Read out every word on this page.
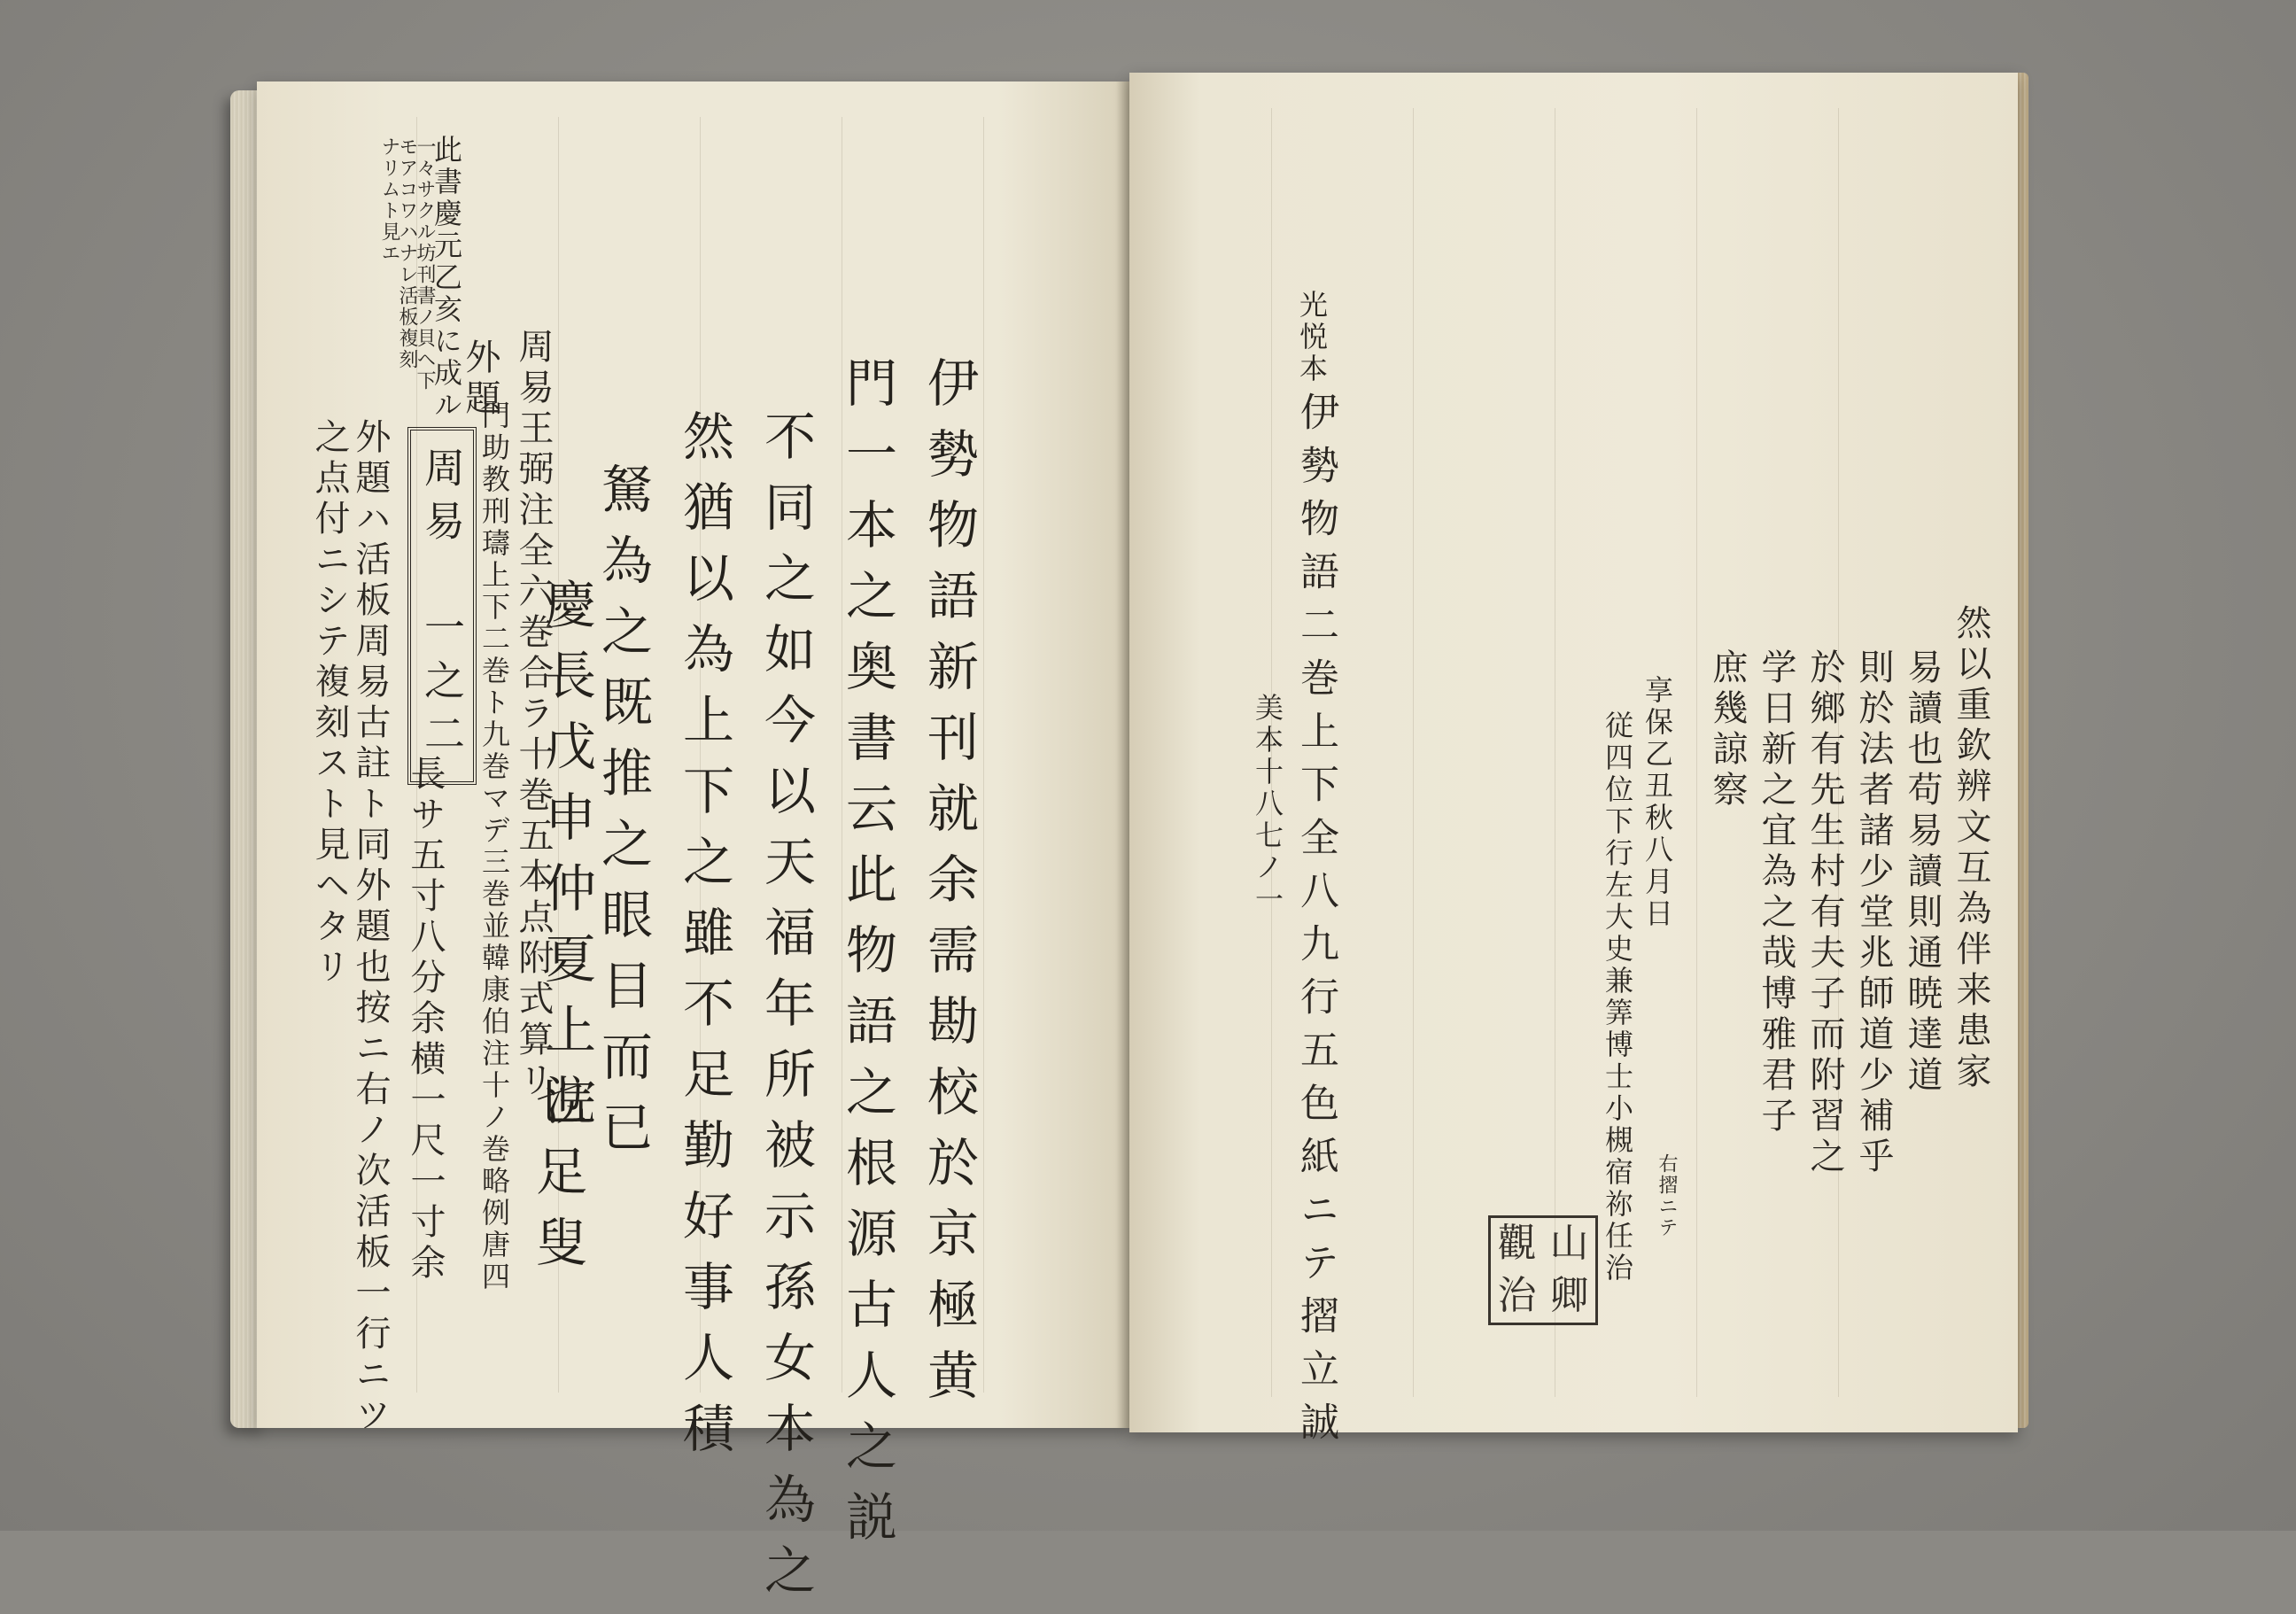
此書慶元乙亥に成ル
一々サクル坊刊書ノ貝ヘ下
モアコワハナレ活板複刻
ナリムト見エ
外題
周易　一之二	周易王弼注全六巻合ラ十巻五本点附式算リ
門助教刑璹上下二巻ト九巻マデ三巻並韓康伯注十ノ巻略例唐四
外題ハ活板周易古註ト同外題也按ニ右ノ次活板一行ニツ
之点付ニシテ複刻スト見ヘタリ
長サ五寸八分余横一尺一寸余	伊勢物語新刊就余需勘校於京極黄
門一本之奥書云此物語之根源古人之説
不同之如今以天福年所被示孫女本為之
然猶以為上下之雖不足勤好事人積
駑為之既推之眼目而已
慶長戊申仲夏上浣
也足叟
然以重欽辨文互為伴来患家
易讀也苟易讀則通暁達道
則於法者諸少堂兆師道少補乎
於鄉有先生村有夫子而附習之
学日新之宜為之哉博雅君子
庶幾諒察
享保乙丑秋八月日
従四位下行左大史兼筭博士小槻宿祢任治 右摺ニテ
觀 山
治 卿
光悦本
伊勢物語二巻上下全八九行五色紙ニテ摺立誠
美本十八七ノ一
